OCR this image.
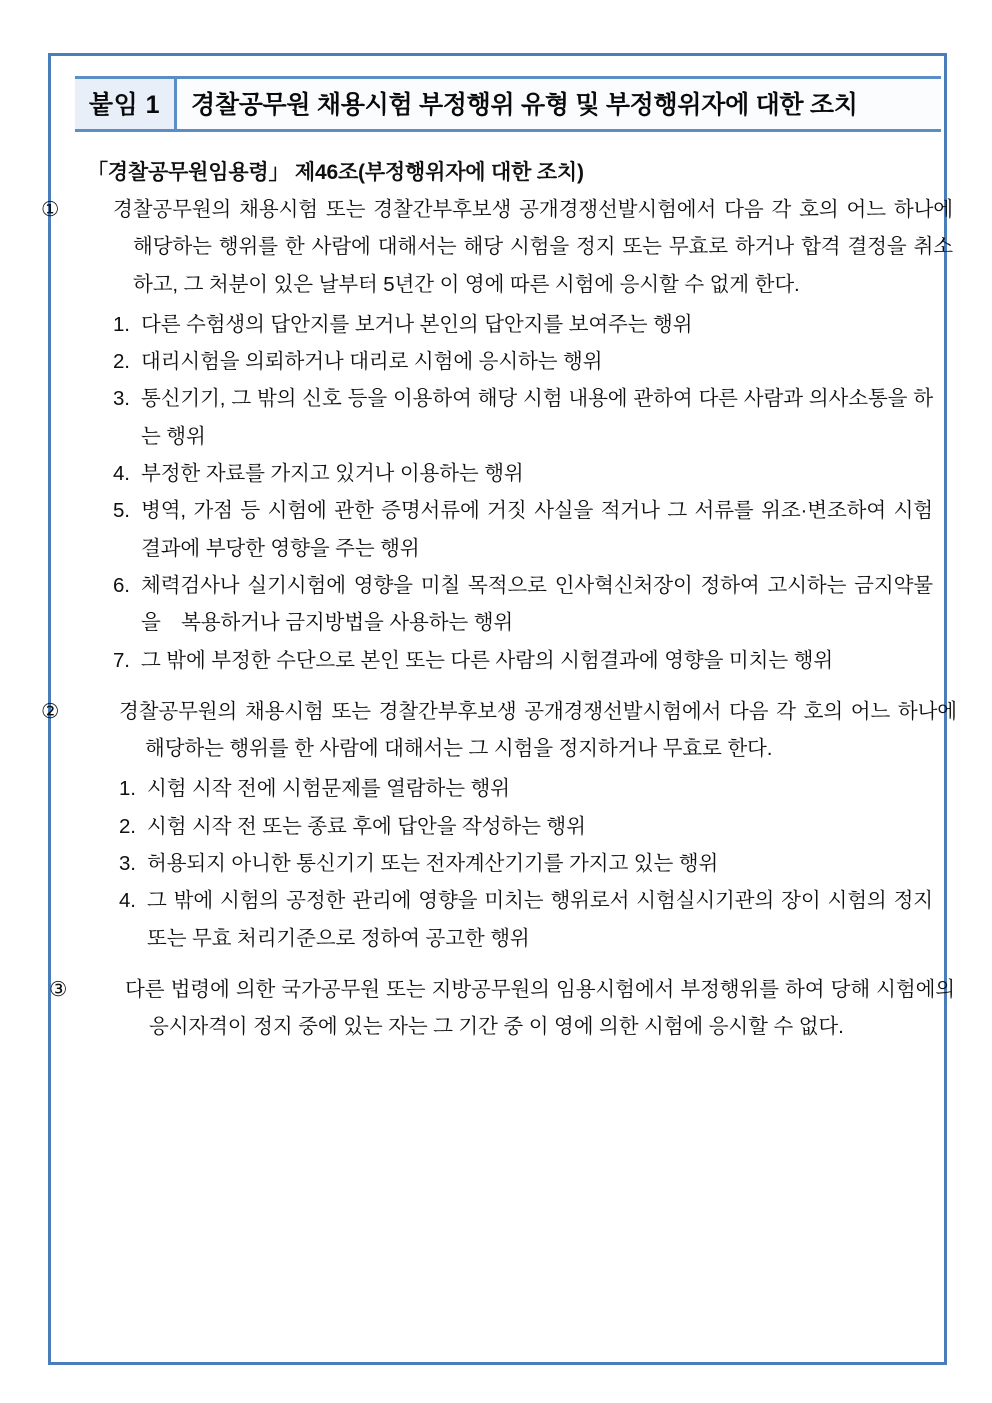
붙임 1	경찰공무원 채용시험 부정행위 유형 및 부정행위자에 대한 조치
「경찰공무원임용령」 제46조(부정행위자에 대한 조치)

①	경찰공무원의 채용시험 또는 경찰간부후보생 공개경쟁선발시험에서 다음 각 호의 어느 하나에 해당하는 행위를 한 사람에 대해서는 해당 시험을 정지 또는 무효로 하거나 합격 결정을 취소하고, 그 처분이 있은 날부터 5년간 이 영에 따른 시험에 응시할 수 없게 한다.

1. 다른 수험생의 답안지를 보거나 본인의 답안지를 보여주는 행위
2. 대리시험을 의뢰하거나 대리로 시험에 응시하는 행위
3. 통신기기, 그 밖의 신호 등을 이용하여 해당 시험 내용에 관하여 다른 사람과 의사소통을 하는 행위
4. 부정한 자료를 가지고 있거나 이용하는 행위
5. 병역, 가점 등 시험에 관한 증명서류에 거짓 사실을 적거나 그 서류를 위조·변조하여 시험　결과에 부당한 영향을 주는 행위
6. 체력검사나 실기시험에 영향을 미칠 목적으로 인사혁신처장이 정하여 고시하는 금지약물을　복용하거나 금지방법을 사용하는 행위
7. 그 밖에 부정한 수단으로 본인 또는 다른 사람의 시험결과에 영향을 미치는 행위

②	경찰공무원의 채용시험 또는 경찰간부후보생 공개경쟁선발시험에서 다음 각 호의 어느 하나에 해당하는 행위를 한 사람에 대해서는 그 시험을 정지하거나 무효로 한다.

1. 시험 시작 전에 시험문제를 열람하는 행위
2. 시험 시작 전 또는 종료 후에 답안을 작성하는 행위
3. 허용되지 아니한 통신기기 또는 전자계산기기를 가지고 있는 행위
4. 그 밖에 시험의 공정한 관리에 영향을 미치는 행위로서 시험실시기관의 장이 시험의 정지　또는 무효 처리기준으로 정하여 공고한 행위

③	다른 법령에 의한 국가공무원 또는 지방공무원의 임용시험에서 부정행위를 하여 당해 시험에의 응시자격이 정지 중에 있는 자는 그 기간 중 이 영에 의한 시험에 응시할 수 없다.
